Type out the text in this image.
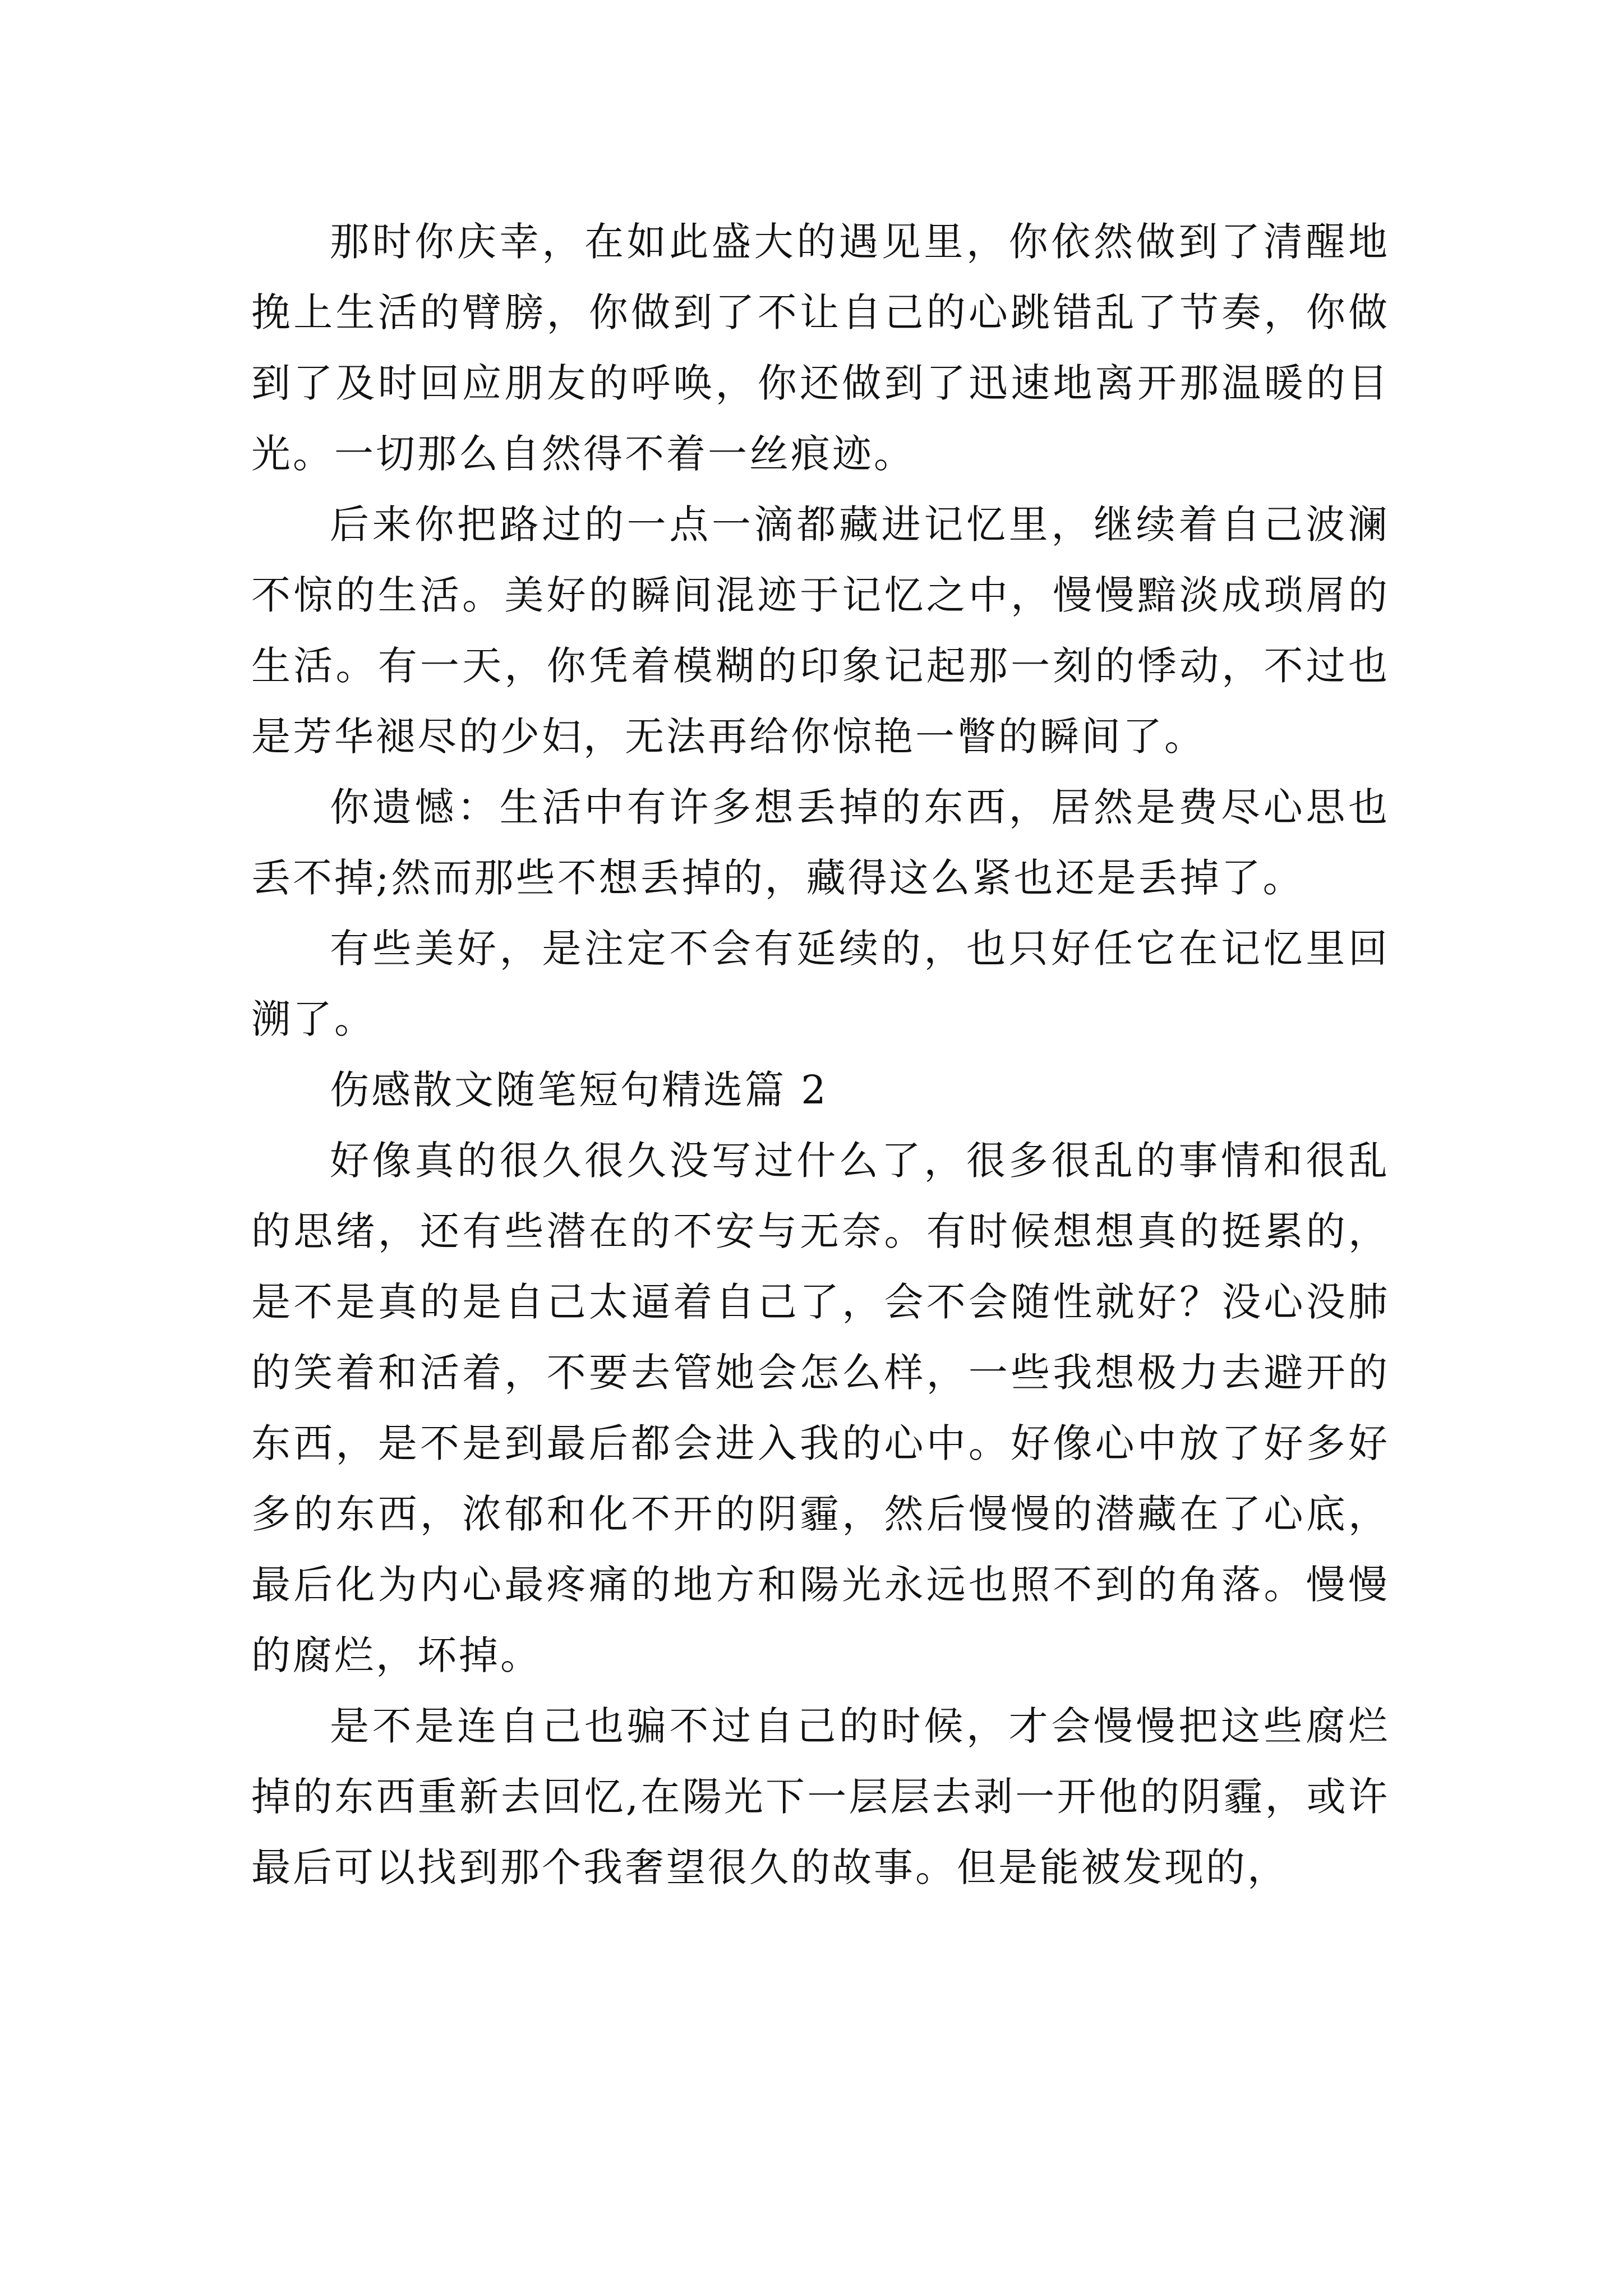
那时你庆幸，在如此盛大的遇见里，你依然做到了清醒地挽上生活的臂膀，你做到了不让自己的心跳错乱了节奏，你做到了及时回应朋友的呼唤，你还做到了迅速地离开那温暖的目光。一切那么自然得不着一丝痕迹。

后来你把路过的一点一滴都藏进记忆里，继续着自己波澜不惊的生活。美好的瞬间混迹于记忆之中，慢慢黯淡成琐屑的生活。有一天，你凭着模糊的印象记起那一刻的悸动，不过也是芳华褪尽的少妇，无法再给你惊艳一瞥的瞬间了。

你遗憾：生活中有许多想丢掉的东西，居然是费尽心思也丢不掉;然而那些不想丢掉的，藏得这么紧也还是丢掉了。

有些美好，是注定不会有延续的，也只好任它在记忆里回溯了。

伤感散文随笔短句精选篇 2

好像真的很久很久没写过什么了，很多很乱的事情和很乱的思绪，还有些潜在的不安与无奈。有时候想想真的挺累的，是不是真的是自己太逼着自己了，会不会随性就好？没心没肺的笑着和活着，不要去管她会怎么样，一些我想极力去避开的东西，是不是到最后都会进入我的心中。好像心中放了好多好多的东西，浓郁和化不开的阴霾，然后慢慢的潜藏在了心底，最后化为内心最疼痛的地方和陽光永远也照不到的角落。慢慢的腐烂，坏掉。

是不是连自己也骗不过自己的时候，才会慢慢把这些腐烂掉的东西重新去回忆,在陽光下一层层去剥一开他的阴霾，或许最后可以找到那个我奢望很久的故事。但是能被发现的，
